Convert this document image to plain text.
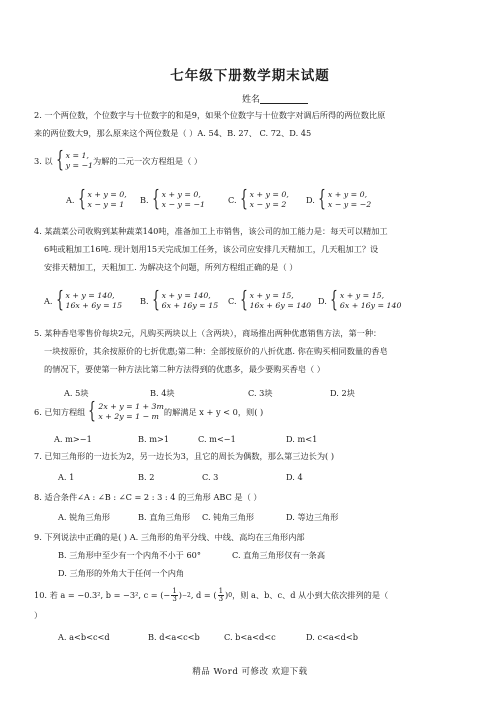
七年级下册数学期末试题
姓名
2. 一个两位数，个位数字与十位数字的和是9，如果个位数字与十位数字对调后所得的两位数比原
来的两位数大9，那么原来这个两位数是（ ）A. 54、B. 27、 C. 72、D. 45
3. 以 { x = 1,
y = −1 为解的二元一次方程组是（ ）
A. { x + y = 0,
x − y = 1	B. { x + y = 0,
x − y = −1	C. { x + y = 0,
x − y = 2	D. { x + y = 0,
x − y = −2
4. 某蔬菜公司收购到某种蔬菜140吨，准备加工上市销售，该公司的加工能力是：每天可以精加工
6吨或粗加工16吨. 现计划用15天完成加工任务，该公司应安排几天精加工，几天粗加工？设
安排天精加工，天粗加工. 为解决这个问题，所列方程组正确的是（ ）
A. { x + y = 140,
16x + 6y = 15 B. { x + y = 140,
6x + 16y = 15 C. { x + y = 15,
16x + 6y = 140 D. { x + y = 15,
6x + 16y = 140
5. 某种香皂零售价每块2元，凡购买两块以上（含两块），商场推出两种优惠销售方法，第一种：
一块按原价，其余按原价的七折优惠;第二种：全部按原价的八折优惠. 你在购买相同数量的香皂
的情况下，要使第一种方法比第二种方法得到的优惠多，最少要购买香皂（ ）
A. 5块	B. 4块	C. 3块	D. 2块
6. 已知方程组 { 2x + y = 1 + 3m
x + 2y = 1 − m 的解满足 x + y < 0，则( )
A. m>−1	B. m>1	C. m<−1	D. m<1
7. 已知三角形的一边长为2，另一边长为3，且它的周长为偶数，那么第三边长为( )
A. 1	B. 2	C. 3	D. 4
8. 适合条件∠A : ∠B : ∠C = 2 : 3 : 4 的三角形 ABC 是（ ）
A. 锐角三角形	B. 直角三角形 C. 钝角三角形	D. 等边三角形
9. 下列说法中正确的是( ) A. 三角形的角平分线、中线、高均在三角形内部
B. 三角形中至少有一个内角不小于 60°	C. 直角三角形仅有一条高
D. 三角形的外角大于任何一个内角
10. 若 a = −0.3², b = −3², c = (− $\frac{1}{3}$ ) −2 , d = ( $\frac{1}{3}$ ) 0 ，则 a、b、c、d 从小到大依次排列的是（
）
A. a<b<c<d	B. d<a<c<b	C. b<a<d<c	D. c<a<d<b
精品 Word 可修改 欢迎下载
